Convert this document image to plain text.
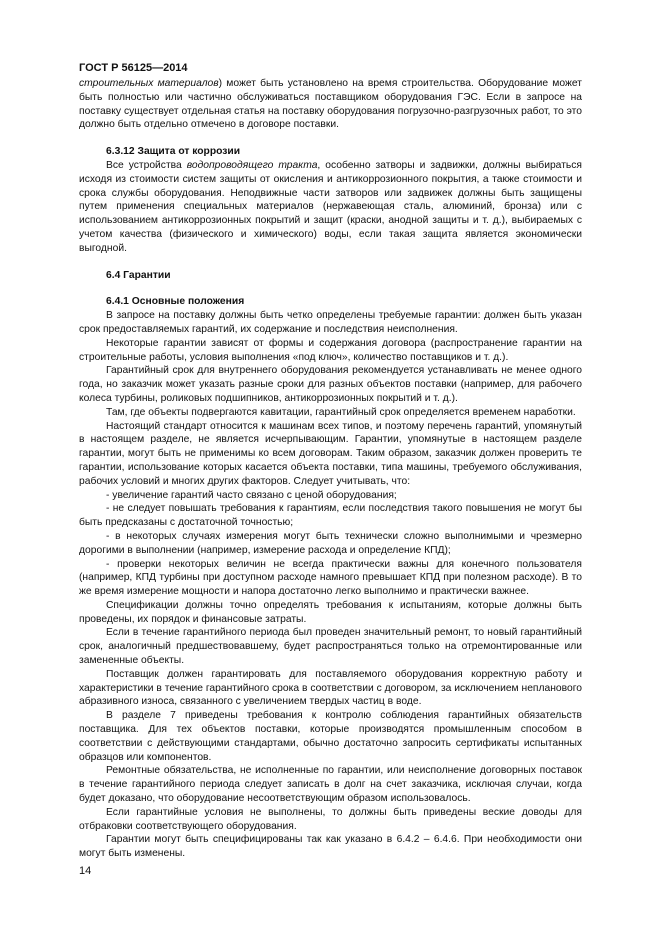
ГОСТ Р 56125—2014

строительных материалов) может быть установлено на время строительства. Оборудование может быть полностью или частично обслуживаться поставщиком оборудования ГЭС. Если в запросе на поставку существует отдельная статья на поставку оборудования погрузочно-разгрузочных работ, то это должно быть отдельно отмечено в договоре поставки.

6.3.12 Защита от коррозии

Все устройства водопроводящего тракта, особенно затворы и задвижки, должны выбираться исходя из стоимости систем защиты от окисления и антикоррозионного покрытия, а также стоимости и срока службы оборудования. Неподвижные части затворов или задвижек должны быть защищены путем применения специальных материалов (нержавеющая сталь, алюминий, бронза) или с использованием антикоррозионных покрытий и защит (краски, анодной защиты и т. д.), выбираемых с учетом качества (физического и химического) воды, если такая защита является экономически выгодной.

6.4 Гарантии
6.4.1 Основные положения

В запросе на поставку должны быть четко определены требуемые гарантии: должен быть указан срок предоставляемых гарантий, их содержание и последствия неисполнения.

Некоторые гарантии зависят от формы и содержания договора (распространение гарантии на строительные работы, условия выполнения «под ключ», количество поставщиков и т. д.).

Гарантийный срок для внутреннего оборудования рекомендуется устанавливать не менее одного года, но заказчик может указать разные сроки для разных объектов поставки (например, для рабочего колеса турбины, роликовых подшипников, антикоррозионных покрытий и т. д.).

Там, где объекты подвергаются кавитации, гарантийный срок определяется временем наработки.

Настоящий стандарт относится к машинам всех типов, и поэтому перечень гарантий, упомянутый в настоящем разделе, не является исчерпывающим. Гарантии, упомянутые в настоящем разделе гарантии, могут быть не применимы ко всем договорам. Таким образом, заказчик должен проверить те гарантии, использование которых касается объекта поставки, типа машины, требуемого обслуживания, рабочих условий и многих других факторов. Следует учитывать, что:

- увеличение гарантий часто связано с ценой оборудования;

- не следует повышать требования к гарантиям, если последствия такого повышения не могут бы быть предсказаны с достаточной точностью;

- в некоторых случаях измерения могут быть технически сложно выполнимыми и чрезмерно дорогими в выполнении (например, измерение расхода и определение КПД);

- проверки некоторых величин не всегда практически важны для конечного пользователя (например, КПД турбины при доступном расходе намного превышает КПД при полезном расходе). В то же время измерение мощности и напора достаточно легко выполнимо и практически важнее.

Спецификации должны точно определять требования к испытаниям, которые должны быть проведены, их порядок и финансовые затраты.

Если в течение гарантийного периода был проведен значительный ремонт, то новый гарантийный срок, аналогичный предшествовавшему, будет распространяться только на отремонтированные или замененные объекты.

Поставщик должен гарантировать для поставляемого оборудования корректную работу и характеристики в течение гарантийного срока в соответствии с договором, за исключением непланового абразивного износа, связанного с увеличением твердых частиц в воде.

В разделе 7 приведены требования к контролю соблюдения гарантийных обязательств поставщика. Для тех объектов поставки, которые производятся промышленным способом в соответствии с действующими стандартами, обычно достаточно запросить сертификаты испытанных образцов или компонентов.

Ремонтные обязательства, не исполненные по гарантии, или неисполнение договорных поставок в течение гарантийного периода следует записать в долг на счет заказчика, исключая случаи, когда будет доказано, что оборудование несоответствующим образом использовалось.

Если гарантийные условия не выполнены, то должны быть приведены веские доводы для отбраковки соответствующего оборудования.

Гарантии могут быть специфицированы так как указано в 6.4.2 – 6.4.6. При необходимости они могут быть изменены.

14
